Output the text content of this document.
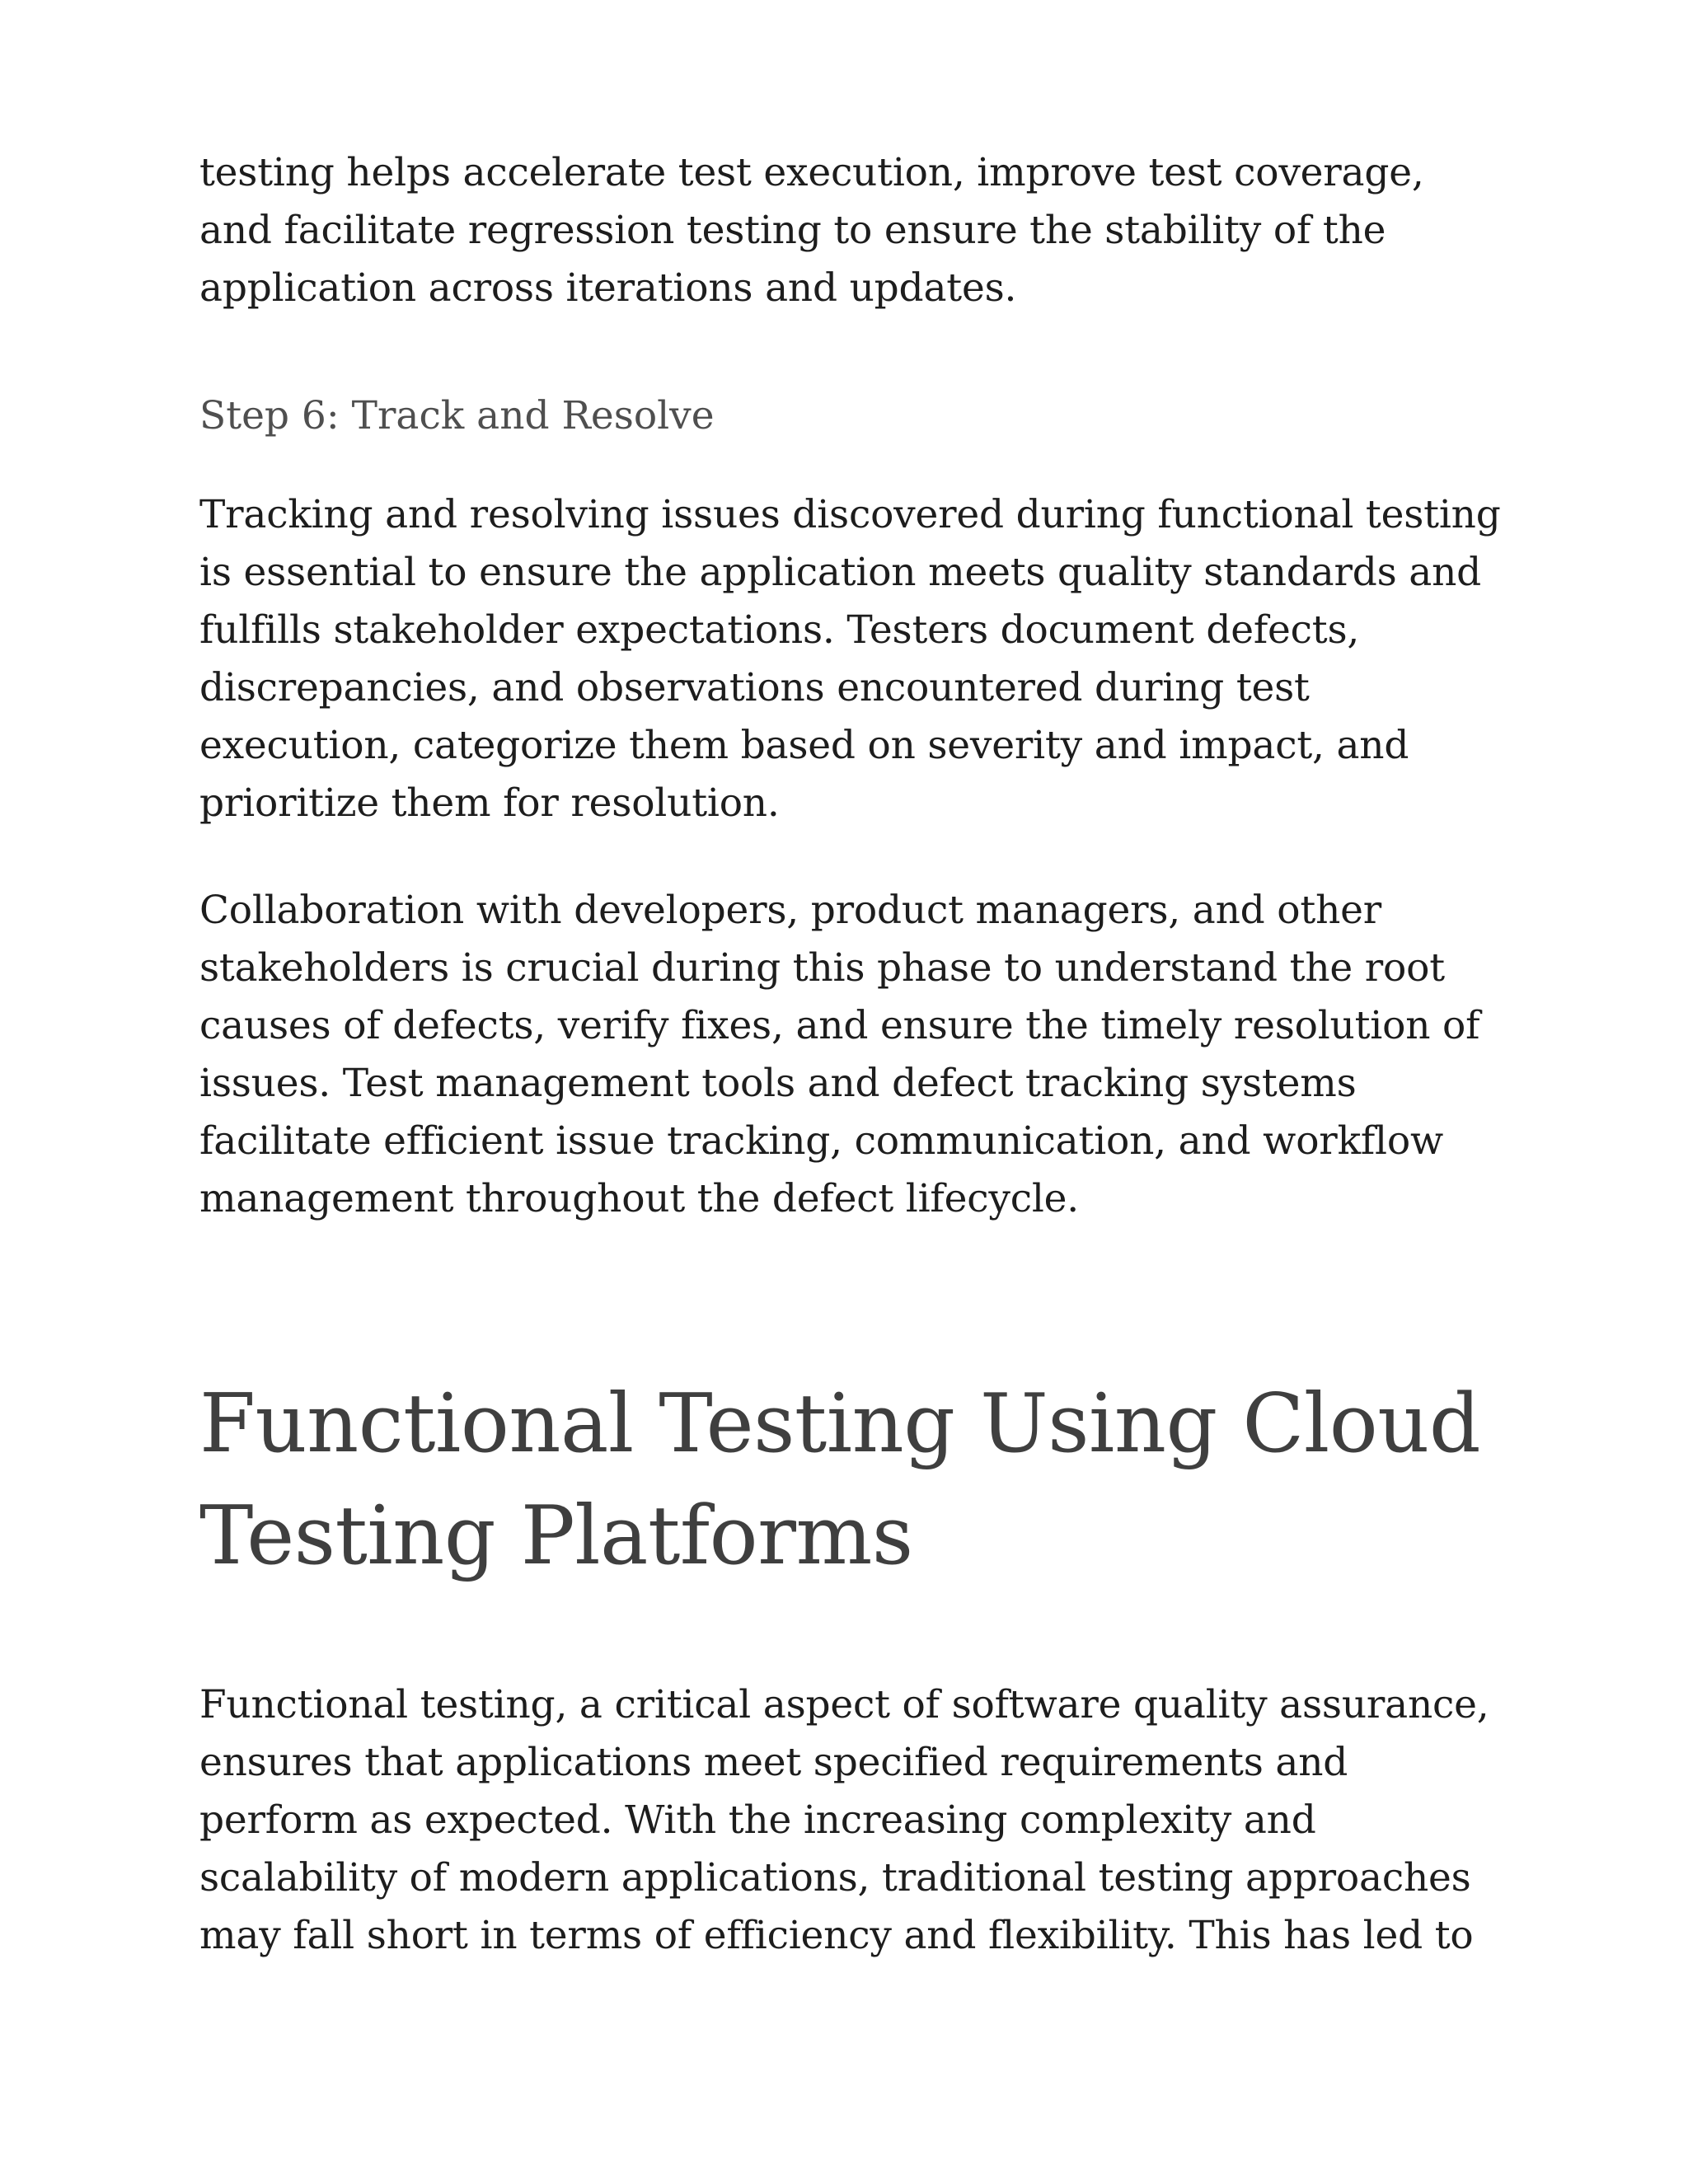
testing helps accelerate test execution, improve test coverage, and facilitate regression testing to ensure the stability of the application across iterations and updates.

Step 6: Track and Resolve

Tracking and resolving issues discovered during functional testing is essential to ensure the application meets quality standards and fulfills stakeholder expectations. Testers document defects, discrepancies, and observations encountered during test execution, categorize them based on severity and impact, and prioritize them for resolution.

Collaboration with developers, product managers, and other stakeholders is crucial during this phase to understand the root causes of defects, verify fixes, and ensure the timely resolution of issues. Test management tools and defect tracking systems facilitate efficient issue tracking, communication, and workflow management throughout the defect lifecycle.

Functional Testing Using Cloud Testing Platforms

Functional testing, a critical aspect of software quality assurance, ensures that applications meet specified requirements and perform as expected. With the increasing complexity and scalability of modern applications, traditional testing approaches may fall short in terms of efficiency and flexibility. This has led to
